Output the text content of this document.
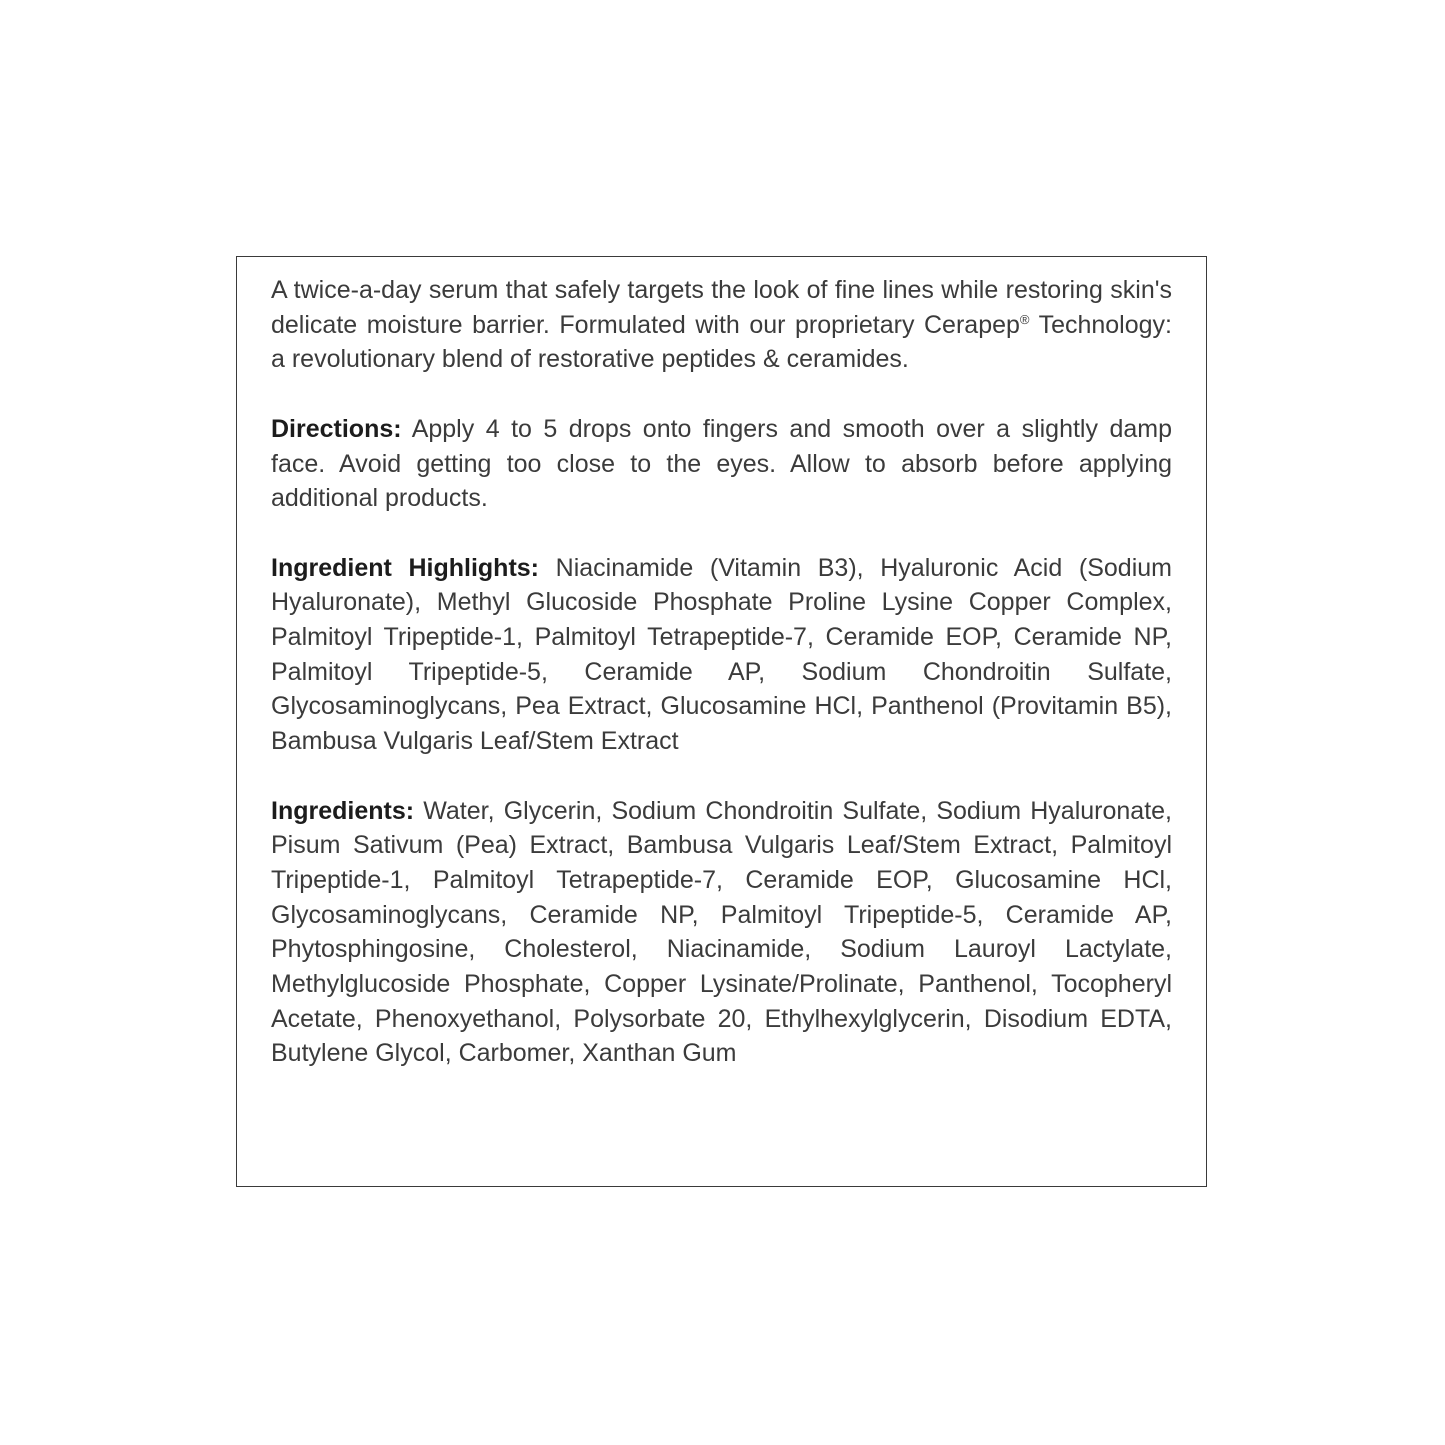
A twice-a-day serum that safely targets the look of fine lines while restoring skin's delicate moisture barrier. Formulated with our proprietary Cerapep® Technology: a revolutionary blend of restorative peptides & ceramides.

Directions: Apply 4 to 5 drops onto fingers and smooth over a slightly damp face. Avoid getting too close to the eyes. Allow to absorb before applying additional products.

Ingredient Highlights: Niacinamide (Vitamin B3), Hyaluronic Acid (Sodium Hyaluronate), Methyl Glucoside Phosphate Proline Lysine Copper Complex, Palmitoyl Tripeptide-1, Palmitoyl Tetrapeptide-7, Ceramide EOP, Ceramide NP, Palmitoyl Tripeptide-5, Ceramide AP, Sodium Chondroitin Sulfate, Glycosaminoglycans, Pea Extract, Glucosamine HCl, Panthenol (Provitamin B5), Bambusa Vulgaris Leaf/Stem Extract

Ingredients: Water, Glycerin, Sodium Chondroitin Sulfate, Sodium Hyaluronate, Pisum Sativum (Pea) Extract, Bambusa Vulgaris Leaf/Stem Extract, Palmitoyl Tripeptide-1, Palmitoyl Tetrapeptide-7, Ceramide EOP, Glucosamine HCl, Glycosaminoglycans, Ceramide NP, Palmitoyl Tripeptide-5, Ceramide AP, Phytosphingosine, Cholesterol, Niacinamide, Sodium Lauroyl Lactylate, Methylglucoside Phosphate, Copper Lysinate/Prolinate, Panthenol, Tocopheryl Acetate, Phenoxyethanol, Polysorbate 20, Ethylhexylglycerin, Disodium EDTA, Butylene Glycol, Carbomer, Xanthan Gum
